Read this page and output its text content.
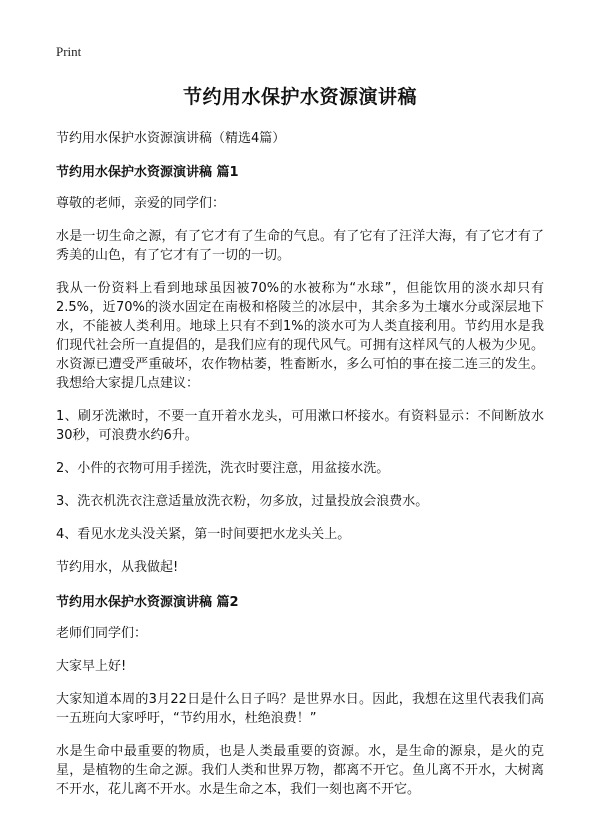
Print
节约用水保护水资源演讲稿
节约用水保护水资源演讲稿（精选4篇）
节约用水保护水资源演讲稿 篇1

尊敬的老师，亲爱的同学们：

水是一切生命之源，有了它才有了生命的气息。有了它有了汪洋大海，有了它才有了秀美的山色，有了它才有了一切的一切。

我从一份资料上看到地球虽因被70%的水被称为“水球”，但能饮用的淡水却只有2.5%，近70%的淡水固定在南极和格陵兰的冰层中，其余多为土壤水分或深层地下水，不能被人类利用。地球上只有不到1%的淡水可为人类直接利用。节约用水是我们现代社会所一直提倡的，是我们应有的现代风气。可拥有这样风气的人极为少见。水资源已遭受严重破坏，农作物枯萎，牲畜断水，多么可怕的事在接二连三的发生。我想给大家提几点建议：

1、刷牙洗漱时，不要一直开着水龙头，可用漱口杯接水。有资料显示：不间断放水30秒，可浪费水约6升。

2、小件的衣物可用手搓洗，洗衣时要注意，用盆接水洗。

3、洗衣机洗衣注意适量放洗衣粉，勿多放，过量投放会浪费水。

4、看见水龙头没关紧，第一时间要把水龙头关上。

节约用水，从我做起!

节约用水保护水资源演讲稿 篇2

老师们同学们：

大家早上好!

大家知道本周的3月22日是什么日子吗？是世界水日。因此，我想在这里代表我们高一五班向大家呼吁，“节约用水，杜绝浪费！”

水是生命中最重要的物质，也是人类最重要的资源。水，是生命的源泉，是火的克星，是植物的生命之源。我们人类和世界万物，都离不开它。鱼儿离不开水，大树离不开水，花儿离不开水。水是生命之本，我们一刻也离不开它。
